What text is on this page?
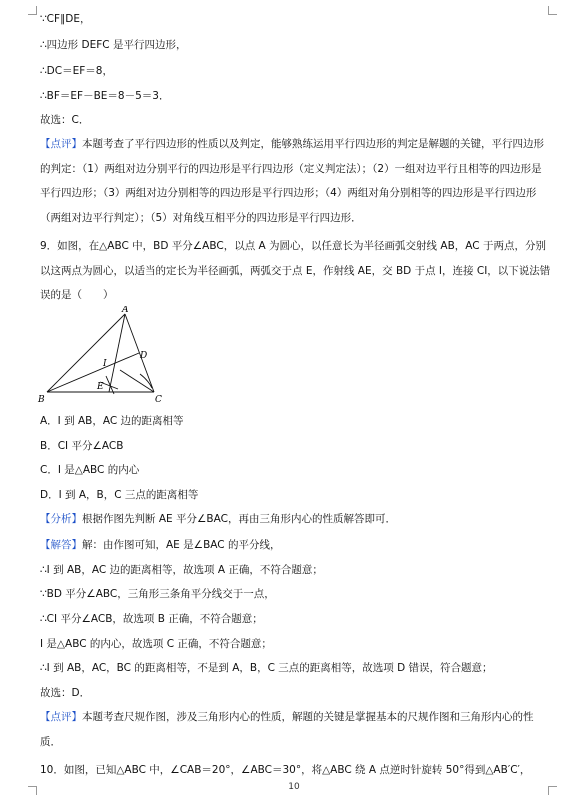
∵CF∥DE，
∴四边形 DEFC 是平行四边形，
∴DC＝EF＝8，
∴BF＝EF－BE＝8－5＝3．
故选：C．
【点评】本题考查了平行四边形的性质以及判定，能够熟练运用平行四边形的判定是解题的关键，平行四边形的判定：（1）两组对边分别平行的四边形是平行四边形（定义判定法）；（2）一组对边平行且相等的四边形是平行四边形；（3）两组对边分别相等的四边形是平行四边形；（4）两组对角分别相等的四边形是平行四边形（两组对边平行判定）；（5）对角线互相平分的四边形是平行四边形．
9．如图，在△ABC 中，BD 平分∠ABC，以点 A 为圆心，以任意长为半径画弧交射线 AB，AC 于两点，分别以这两点为圆心，以适当的定长为半径画弧，两弧交于点 E，作射线 AE，交 BD 于点 I，连接 CI，以下说法错误的是（　　）
A
B	C
D
E
I
A．I 到 AB，AC 边的距离相等
B．CI 平分∠ACB
C．I 是△ABC 的内心
D．I 到 A，B，C 三点的距离相等
【分析】根据作图先判断 AE 平分∠BAC，再由三角形内心的性质解答即可．
【解答】解：由作图可知，AE 是∠BAC 的平分线，
∴I 到 AB，AC 边的距离相等，故选项 A 正确，不符合题意；
∵BD 平分∠ABC，三角形三条角平分线交于一点，
∴CI 平分∠ACB，故选项 B 正确，不符合题意；
I 是△ABC 的内心，故选项 C 正确，不符合题意；
∴I 到 AB，AC，BC 的距离相等，不是到 A，B，C 三点的距离相等，故选项 D 错误，符合题意；
故选：D．
【点评】本题考查尺规作图，涉及三角形内心的性质，解题的关键是掌握基本的尺规作图和三角形内心的性质．
10．如图，已知△ABC 中，∠CAB＝20°，∠ABC＝30°，将△ABC 绕 A 点逆时针旋转 50°得到△AB′C′，
10
